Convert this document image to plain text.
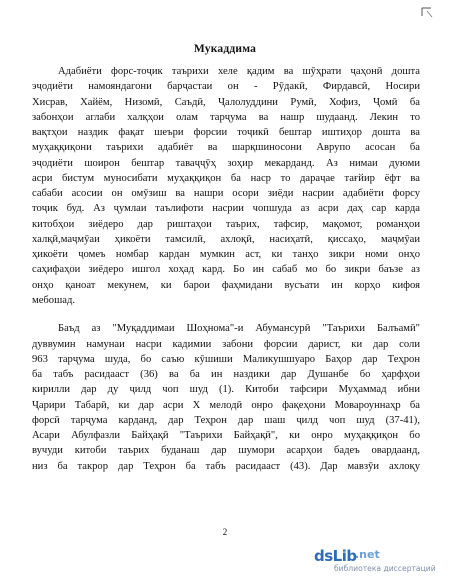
Мукаддима
Адабиёти форс-тоҷик таърихи хеле қадим ва шӯҳрати ҷаҳонӣ дошта
эҷодиёти намояндагони барҷастаи он - Рӯдакӣ, Фирдавсӣ, Носири
Хисрав, Хайём, Низомӣ, Саъдӣ, Ҷалолуддини Румӣ, Хофиз, Ҷомӣ ба
забонҳои аглаби халқҳои олам тарҷума ва нашр шудаанд. Лекин то
вақтҳои наздик фақат шеъри форсии тоҷикӣ бештар иштиҳор дошта ва
муҳаққиқони таърихи адабиёт ва шарқшиносони Аврупо асосан ба
эҷодиёти шоирон бештар таваҷҷӯҳ зоҳир мекарданд. Аз нимаи дуюми
асри бистум муносибати муҳаққиқон ба наср то дараҷае тағйир ёфт ва
сабаби асосии он омӯзиш ва нашри осори зиёди насрии адабиёти форсу
тоҷик буд. Аз ҷумлаи таълифоти насрии чопшуда аз асри даҳ сар карда
китобҳои зиёдеро дар риштаҳои таърих, тафсир, мақомот, романҳои
халқӣ,маҷмӯаи ҳикоёти тамсилӣ, ахлоқӣ, насиҳатӣ, қиссаҳо, маҷмӯаи
ҳикоёти ҷомеъ номбар кардан мумкин аст, ки танҳо зикри номи онҳо
саҳифаҳои зиёдеро ишгол хоҳад кард. Бо ин сабаб мо бо зикри баъзе аз
онҳо қаноат мекунем, ки барои фаҳмидани вусъати ин корҳо кифоя
мебошад.
Баъд аз "Муқаддимаи Шоҳнома"-и Абумансурӣ "Таърихи Балъамӣ"
дуввумин намунаи насри кадимии забони форсии дарист, ки дар соли
963 тарҷума шуда, бо саъю кӯшиши Маликушшуаро Баҳор дар Теҳрон
ба табъ расидааст (36) ва ба ин наздики дар Душанбе бо ҳарфҳои
кирилли дар ду ҷилд чоп шуд (1). Китоби тафсири Муҳаммад ибни
Ҷарири Табарӣ, ки дар асри X мелодӣ онро фақеҳони Мовароуннаҳр ба
форсӣ тарҷума карданд, дар Теҳрон дар шаш ҷилд чоп шуд (37-41),
Асари Абулфазли Байҳақӣ "Таърихи Байҳақӣ", ки онро муҳаққиқон бо
вучуди китоби таърих буданаш дар шумори асарҳои бадеъ овардаанд,
низ ба такрор дар Теҳрон ба табъ расидааст (43). Дар мавзӯи ахлоқу
2
dsLib
.net
библиотека диссертаций
